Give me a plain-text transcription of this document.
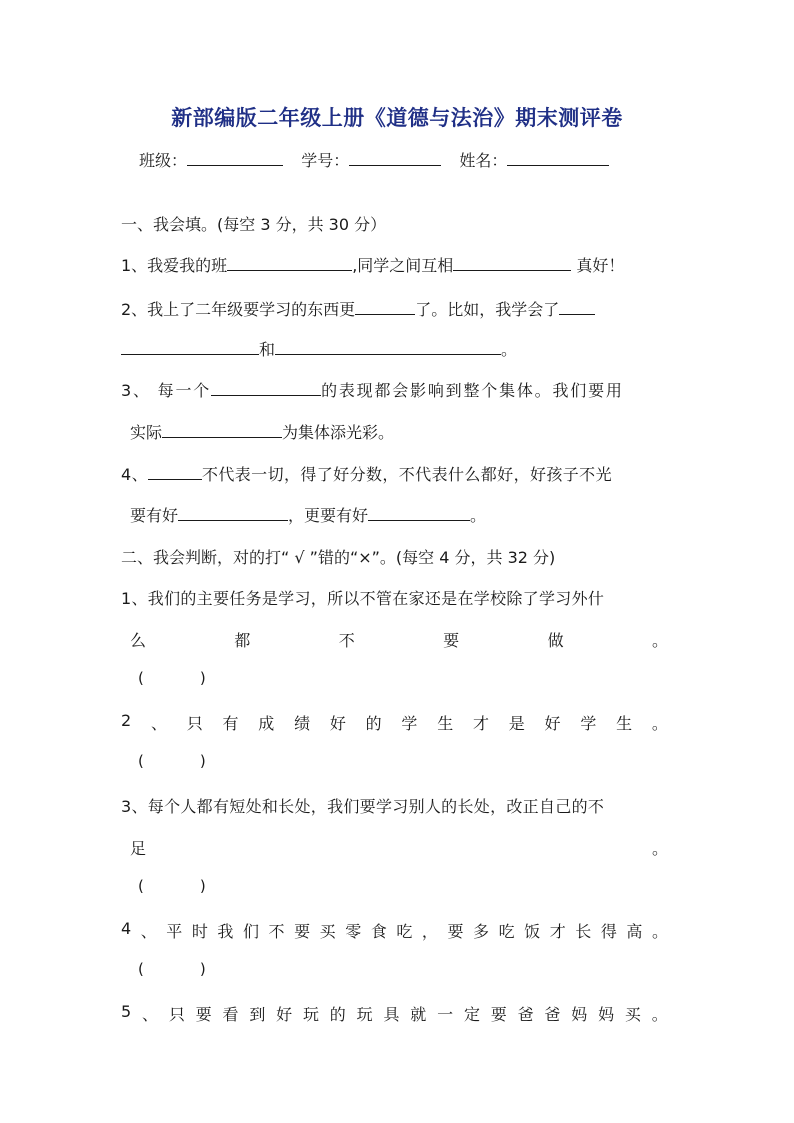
新部编版二年级上册《道德与法治》期末测评卷
班级：	学号：	姓名：
一、我会填。(每空 3 分，共 30 分）
1、我爱我的班	,同学之间互相	真好！
2、我上了二年级要学习的东西更	了。比如，我学会了
和	。
3、 每一个	的表现都会影响到整个集体。我们要用
实际	为集体添光彩。
4、	不代表一切，得了好分数，不代表什么都好，好孩子不光
要有好	，更要有好	。
二、我会判断，对的打“ √ ”错的“×”。(每空 4 分，共 32 分)
1、我们的主要任务是学习，所以不管在家还是在学校除了学习外什
么	都	不	要	做	。
(	)
2 、 只 有 成 绩 好 的 学 生 才 是 好 学 生 。
(	)
3、每个人都有短处和长处，我们要学习别人的长处，改正自己的不
足	。
(	)
4 、 平 时 我 们 不 要 买 零 食 吃 ， 要 多 吃 饭 才 长 得 高 。
(	)
5 、 只 要 看 到 好 玩 的 玩 具 就 一 定 要 爸 爸 妈 妈 买 。
